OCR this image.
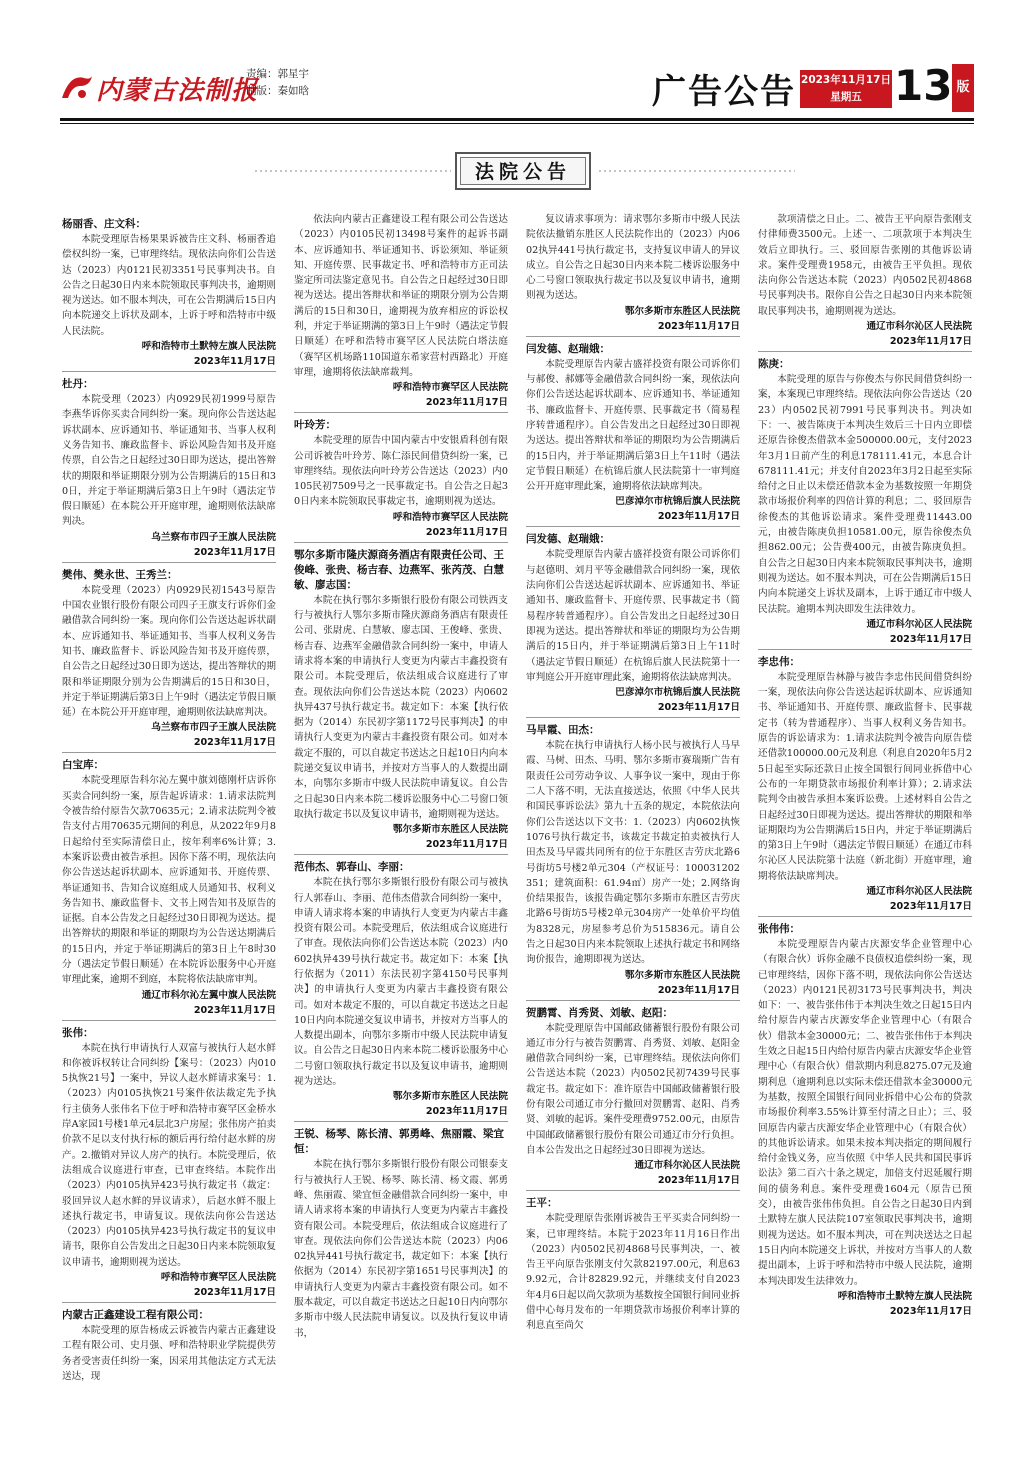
内蒙古法制报
责编：郭星宇
制版：秦如晗	广告公告 2023年11月17日
星期五 13 版
法院公告
杨丽香、庄文科：
本院受理原告杨果果诉被告庄文科、杨丽香追偿权纠纷一案，已审理终结。现依法向你们公告送达（2023）内0121民初3351号民事判决书。自公告之日起30日内来本院领取民事判决书，逾期则视为送达。如不服本判决，可在公告期满后15日内向本院递交上诉状及副本，上诉于呼和浩特市中级人民法院。
呼和浩特市土默特左旗人民法院
2023年11月17日
杜丹：
本院受理（2023）内0929民初1999号原告李燕华诉你买卖合同纠纷一案。现向你公告送达起诉状副本、应诉通知书、举证通知书、当事人权利义务告知书、廉政监督卡、诉讼风险告知书及开庭传票，自公告之日起经过30日即为送达，提出答辩状的期限和举证期限分别为公告期满后的15日和30日，并定于举证期满后第3日上午9时（遇法定节假日顺延）在本院公开开庭审理，逾期则依法缺席判决。
乌兰察布市四子王旗人民法院
2023年11月17日
樊伟、樊永世、王秀兰：
本院受理（2023）内0929民初1543号原告中国农业银行股份有限公司四子王旗支行诉你们金融借款合同纠纷一案。现向你们公告送达起诉状副本、应诉通知书、举证通知书、当事人权利义务告知书、廉政监督卡、诉讼风险告知书及开庭传票，自公告之日起经过30日即为送达，提出答辩状的期限和举证期限分别为公告期满后的15日和30日，并定于举证期满后第3日上午9时（遇法定节假日顺延）在本院公开开庭审理，逾期则依法缺席判决。
乌兰察布市四子王旗人民法院
2023年11月17日
白宝库：
本院受理原告科尔沁左翼中旗刘德刚杆店诉你买卖合同纠纷一案，原告起诉请求：1.请求法院判令被告给付原告欠款70635元；2.请求法院判令被告支付占用70635元期间的利息，从2022年9月8日起给付至实际清偿日止，按年利率6%计算；3.本案诉讼费由被告承担。因你下落不明，现依法向你公告送达起诉状副本、应诉通知书、开庭传票、举证通知书、告知合议庭组成人员通知书、权利义务告知书、廉政监督卡、文书上网告知书及原告的证据。自本公告发之日起经过30日即视为送达。提出答辩状的期限和举证的期限均为公告送达期满后的15日内，并定于举证期满后的第3日上午8时30分（遇法定节假日顺延）在本院诉讼服务中心开庭审理此案，逾期不到庭，本院将依法缺席审判。
通辽市科尔沁左翼中旗人民法院
2023年11月17日
张伟：
本院在执行申请执行人双富与被执行人赵水鲜和你被诉权转让合同纠纷【案号：（2023）内0105执恢21号】一案中，异议人赵水鲜请求案号：1.（2023）内0105执恢21号案件依法裁定先予执行主债务人张伟名下位于呼和浩特市赛罕区金桥水岸A家园1号楼1单元4层北3户房屋；张伟房产拍卖价款不足以支付执行标的额后再行给付赵水鲜的房产。2.撤销对异议人房产的执行。本院受理后，依法组成合议庭进行审查，已审查终结。本院作出（2023）内0105执异423号执行裁定书（裁定：驳回异议人赵水鲜的异议请求），后赵水鲜不服上述执行裁定书，申请复议。现依法向你公告送达（2023）内0105执异423号执行裁定书的复议申请书，限你自公告发出之日起30日内来本院领取复议申请书，逾期则视为送达。
呼和浩特市赛罕区人民法院
2023年11月17日
内蒙古正鑫建设工程有限公司：
本院受理的原告杨成云诉被告内蒙古正鑫建设工程有限公司、史月强、呼和浩特职业学院提供劳务者受害责任纠纷一案，因采用其他法定方式无法送达，现
依法向内蒙古正鑫建设工程有限公司公告送达（2023）内0105民初13498号案件的起诉书副本、应诉通知书、举证通知书、诉讼须知、举证须知、开庭传票、民事裁定书、呼和浩特市方正司法鉴定所司法鉴定意见书。自公告之日起经过30日即视为送达。提出答辩状和举证的期限分别为公告期满后的15日和30日，逾期视为放弃相应的诉讼权利，并定于举证期满的第3日上午9时（遇法定节假日顺延）在呼和浩特市赛罕区人民法院白塔法庭（赛罕区机场路110国道东希家营村西路北）开庭审理，逾期将依法缺席裁判。
呼和浩特市赛罕区人民法院
2023年11月17日
叶玲芳：
本院受理的原告中国内蒙古中安银盾科创有限公司诉被告叶玲芳、陈仁添民间借贷纠纷一案，已审理终结。现依法向叶玲芳公告送达（2023）内0105民初7509号之一民事裁定书。自公告之日起30日内来本院领取民事裁定书，逾期则视为送达。
呼和浩特市赛罕区人民法院
2023年11月17日
鄂尔多斯市隆庆源商务酒店有限责任公司、王俊峰、张贵、杨吉春、边燕军、张芮茂、白慧敏、廖志国：
本院在执行鄂尔多斯银行股份有限公司铁西支行与被执行人鄂尔多斯市隆庆源商务酒店有限责任公司、张尉虎、白慧敏、廖志国、王俊峰、张贵、杨吉春、边燕军金融借款合同纠纷一案中，申请人请求将本案的申请执行人变更为内蒙古丰鑫投资有限公司。本院受理后，依法组成合议庭进行了审查。现依法向你们公告送达本院（2023）内0602执异437号执行裁定书。裁定如下：本案【执行依据为（2014）东民初字第1172号民事判决】的申请执行人变更为内蒙古丰鑫投资有限公司。如对本裁定不服的，可以自裁定书送达之日起10日内向本院递交复议申请书，并按对方当事人的人数提出副本，向鄂尔多斯市中级人民法院申请复议。自公告之日起30日内来本院二楼诉讼服务中心二号窗口领取执行裁定书以及复议申请书，逾期则视为送达。
鄂尔多斯市东胜区人民法院
2023年11月17日
范伟杰、郭春山、李丽：
本院在执行鄂尔多斯银行股份有限公司与被执行人郭春山、李丽、范伟杰借款合同纠纷一案中，申请人请求将本案的申请执行人变更为内蒙古丰鑫投资有限公司。本院受理后，依法组成合议庭进行了审查。现依法向你们公告送达本院（2023）内0602执异439号执行裁定书。裁定如下：本案【执行依据为（2011）东法民初字第4150号民事判决】的申请执行人变更为内蒙古丰鑫投资有限公司。如对本裁定不服的，可以自裁定书送达之日起10日内向本院递交复议申请书，并按对方当事人的人数提出副本，向鄂尔多斯市中级人民法院申请复议。自公告之日起30日内来本院二楼诉讼服务中心二号窗口领取执行裁定书以及复议申请书，逾期则视为送达。
鄂尔多斯市东胜区人民法院
2023年11月17日
王锐、杨琴、陈长清、郭勇峰、焦丽霞、梁宜恒：
本院在执行鄂尔多斯银行股份有限公司银泰支行与被执行人王锐、杨琴、陈长清、杨文霞、郭勇峰、焦丽霞、梁宜恒金融借款合同纠纷一案中，申请人请求将本案的申请执行人变更为内蒙古丰鑫投资有限公司。本院受理后，依法组成合议庭进行了审查。现依法向你们公告送达本院（2023）内0602执异441号执行裁定书，裁定如下：本案【执行依据为（2014）东民初字第1651号民事判决】的申请执行人变更为内蒙古丰鑫投资有限公司。如不服本裁定，可以自裁定书送达之日起10日内向鄂尔多斯市中级人民法院申请复议。以及执行复议申请书，
复议请求事项为：请求鄂尔多斯市中级人民法院依法撤销东胜区人民法院作出的（2023）内0602执异441号执行裁定书，支持复议申请人的异议成立。自公告之日起30日内来本院二楼诉讼服务中心二号窗口领取执行裁定书以及复议申请书，逾期则视为送达。
鄂尔多斯市东胜区人民法院
2023年11月17日
闫发德、赵瑞娥：
本院受理原告内蒙古盛祥投资有限公司诉你们与郝俊、郝娜等金融借款合同纠纷一案，现依法向你们公告送达起诉状副本、应诉通知书、举证通知书、廉政监督卡、开庭传票、民事裁定书（简易程序转普通程序）。自公告发出之日起经过30日即视为送达。提出答辩状和举证的期限均为公告期满后的15日内，并于举证期满后第3日上午11时（遇法定节假日顺延）在杭锦后旗人民法院第十一审判庭公开开庭审理此案，逾期将依法缺席判决。
巴彦淖尔市杭锦后旗人民法院
2023年11月17日
闫发德、赵瑞娥：
本院受理原告内蒙古盛祥投资有限公司诉你们与赵德明、刘月平等金融借款合同纠纷一案，现依法向你们公告送达起诉状副本、应诉通知书、举证通知书、廉政监督卡、开庭传票、民事裁定书（简易程序转普通程序）。自公告发出之日起经过30日即视为送达。提出答辩状和举证的期限均为公告期满后的15日内，并于举证期满后第3日上午11时（遇法定节假日顺延）在杭锦后旗人民法院第十一审判庭公开开庭审理此案，逾期将依法缺席判决。
巴彦淖尔市杭锦后旗人民法院
2023年11月17日
马早霞、田杰：
本院在执行申请执行人杨小民与被执行人马早霞、马树、田杰、马明、鄂尔多斯市赛瑞斯广告有限责任公司劳动争议、人事争议一案中，现由于你二人下落不明，无法直接送达，依照《中华人民共和国民事诉讼法》第九十五条的规定，本院依法向你们公告送达以下文书：1.（2023）内0602执恢1076号执行裁定书，该裁定书裁定拍卖被执行人田杰及马早霞共同所有的位于东胜区吉劳庆北路6号街坊5号楼2单元304（产权证号：100031202351；建筑面积：61.94㎡）房产一处；2.网络询价结果报告，该报告确定鄂尔多斯市东胜区吉劳庆北路6号街坊5号楼2单元304房产一处单价平均值为8328元，房屋参考总价为515836元。请自公告之日起30日内来本院领取上述执行裁定书和网络询价报告，逾期即视为送达。
鄂尔多斯市东胜区人民法院
2023年11月17日
贺鹏霄、肖秀贤、刘敏、赵阳：
本院受理原告中国邮政储蓄银行股份有限公司通辽市分行与被告贺鹏霄、肖秀贤、刘敏、赵阳金融借款合同纠纷一案，已审理终结。现依法向你们公告送达本院（2023）内0502民初7439号民事裁定书。裁定如下：准许原告中国邮政储蓄银行股份有限公司通辽市分行撤回对贺鹏霄、赵阳、肖秀贤、刘敏的起诉。案件受理费9752.00元，由原告中国邮政储蓄银行股份有限公司通辽市分行负担。自本公告发出之日起经过30日即视为送达。
通辽市科尔沁区人民法院
2023年11月17日
王平：
本院受理原告张刚诉被告王平买卖合同纠纷一案，已审理终结。本院于2023年11月16日作出（2023）内0502民初4868号民事判决，一、被告王平向原告张刚支付欠款82197.00元，利息639.92元，合计82829.92元，并继续支付自2023年4月6日起以尚欠款项为基数按全国银行间同业拆借中心每月发布的一年期贷款市场报价利率计算的利息直至尚欠
款项清偿之日止。二、被告王平向原告张刚支付律师费3500元。上述一、二项款项于本判决生效后立即执行。三、驳回原告张刚的其他诉讼请求。案件受理费1958元，由被告王平负担。现依法向你公告送达本院（2023）内0502民初4868号民事判决书。限你自公告之日起30日内来本院领取民事判决书，逾期则视为送达。
通辽市科尔沁区人民法院
2023年11月17日
陈庚：
本院受理的原告与你俊杰与你民间借贷纠纷一案，本案现已审理终结。现依法向你公告送达（2023）内0502民初7991号民事判决书。判决如下：一、被告陈庚于本判决生效后三十日内立即偿还原告徐俊杰借款本金500000.00元，支付2023年3月1日前产生的利息178111.41元，本息合计678111.41元；并支付自2023年3月2日起至实际给付之日止以未偿还借款本金为基数按照一年期贷款市场报价利率的四倍计算的利息；二、驳回原告徐俊杰的其他诉讼请求。案件受理费11443.00元，由被告陈庚负担10581.00元，原告徐俊杰负担862.00元；公告费400元，由被告陈庚负担。自公告之日起30日内来本院领取民事判决书，逾期则视为送达。如不服本判决，可在公告期满后15日内向本院递交上诉状及副本，上诉于通辽市中级人民法院。逾期本判决即发生法律效力。
通辽市科尔沁区人民法院
2023年11月17日
李忠伟：
本院受理原告林静与被告李忠伟民间借贷纠纷一案，现依法向你公告送达起诉状副本、应诉通知书、举证通知书、开庭传票、廉政监督卡、民事裁定书（转为普通程序）、当事人权利义务告知书。原告的诉讼请求为：1.请求法院判令被告向原告偿还借款100000.00元及利息（利息自2020年5月25日起至实际还款日止按全国银行间同业拆借中心公布的一年期贷款市场报价利率计算）；2.请求法院判令由被告承担本案诉讼费。上述材料自公告之日起经过30日即视为送达。提出答辩状的期限和举证期限均为公告期满后15日内，并定于举证期满后的第3日上午9时（遇法定节假日顺延）在通辽市科尔沁区人民法院第十法庭（新北街）开庭审理，逾期将依法缺席判决。
通辽市科尔沁区人民法院
2023年11月17日
张伟伟：
本院受理原告内蒙古庆源安华企业管理中心（有限合伙）诉你金融不良债权追偿纠纷一案，现已审理终结，因你下落不明，现依法向你公告送达（2023）内0121民初3173号民事判决书，判决如下：一、被告张伟伟于本判决生效之日起15日内给付原告内蒙古庆源安华企业管理中心（有限合伙）借款本金30000元；二、被告张伟伟于本判决生效之日起15日内给付原告内蒙古庆源安华企业管理中心（有限合伙）借款期内利息8275.07元及逾期利息（逾期利息以实际未偿还借款本金30000元为基数，按照全国银行间同业拆借中心公布的贷款市场报价利率3.55%计算至付清之日止）；三、驳回原告内蒙古庆源安华企业管理中心（有限合伙）的其他诉讼请求。如果未按本判决指定的期间履行给付金钱义务，应当依照《中华人民共和国民事诉讼法》第二百六十条之规定，加倍支付迟延履行期间的债务利息。案件受理费1604元（原告已预交），由被告张伟伟负担。自公告之日起30日内到土默特左旗人民法院107室领取民事判决书，逾期则视为送达。如不服本判决，可在判决送达之日起15日内向本院递交上诉状，并按对方当事人的人数提出副本，上诉于呼和浩特市中级人民法院，逾期本判决即发生法律效力。
呼和浩特市土默特左旗人民法院
2023年11月17日
